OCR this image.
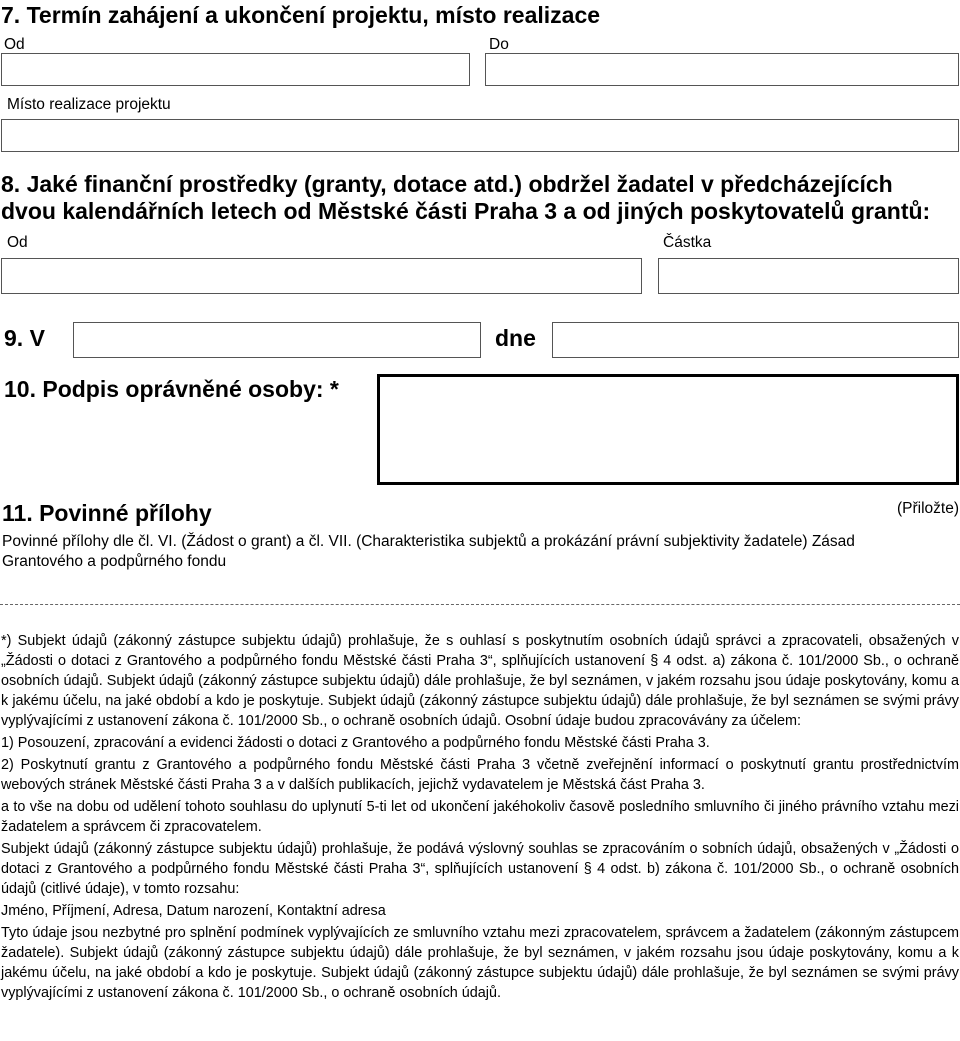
7. Termín zahájení a ukončení projektu, místo realizace
Od	Do
Místo realizace projektu
8. Jaké finanční prostředky (granty, dotace atd.) obdržel žadatel v předcházejících
dvou kalendářních letech od Městské části Praha 3 a od jiných poskytovatelů grantů:
Od	Částka
9. V	dne
10. Podpis oprávněné osoby: *
11. Povinné přílohy	(Přiložte)
Povinné přílohy dle čl. VI. (Žádost o grant) a čl. VII. (Charakteristika subjektů a prokázání právní subjektivity žadatele) Zásad
Grantového a podpůrného fondu

*) Subjekt údajů (zákonný zástupce subjektu údajů) prohlašuje, že s ouhlasí s poskytnutím osobních údajů správci a zpracovateli, obsažených v „Žádosti o dotaci z Grantového a podpůrného fondu Městské části Praha 3“, splňujících ustanovení § 4 odst. a) zákona č. 101/2000 Sb., o ochraně osobních údajů. Subjekt údajů (zákonný zástupce subjektu údajů) dále prohlašuje, že byl seznámen, v jakém rozsahu jsou údaje poskytovány, komu a k jakému účelu, na jaké období a kdo je poskytuje. Subjekt údajů (zákonný zástupce subjektu údajů) dále prohlašuje, že byl seznámen se svými právy vyplývajícími z ustanovení zákona č. 101/2000 Sb., o ochraně osobních údajů. Osobní údaje budou zpracovávány za účelem:

1) Posouzení, zpracování a evidenci žádosti o dotaci z Grantového a podpůrného fondu Městské části Praha 3.

2) Poskytnutí grantu z Grantového a podpůrného fondu Městské části Praha 3 včetně zveřejnění informací o poskytnutí grantu prostřednictvím webových stránek Městské části Praha 3 a v dalších publikacích, jejichž vydavatelem je Městská část Praha 3.

a to vše na dobu od udělení tohoto souhlasu do uplynutí 5-ti let od ukončení jakéhokoliv časově posledního smluvního či jiného právního vztahu mezi žadatelem a správcem či zpracovatelem.

Subjekt údajů (zákonný zástupce subjektu údajů) prohlašuje, že podává výslovný souhlas se zpracováním o sobních údajů, obsažených v „Žádosti o dotaci z Grantového a podpůrného fondu Městské části Praha 3“, splňujících ustanovení § 4 odst. b) zákona č. 101/2000 Sb., o ochraně osobních údajů (citlivé údaje), v tomto rozsahu:

Jméno, Příjmení, Adresa, Datum narození, Kontaktní adresa

Tyto údaje jsou nezbytné pro splnění podmínek vyplývajících ze smluvního vztahu mezi zpracovatelem, správcem a žadatelem (zákonným zástupcem žadatele). Subjekt údajů (zákonný zástupce subjektu údajů) dále prohlašuje, že byl seznámen, v jakém rozsahu jsou údaje poskytovány, komu a k jakému účelu, na jaké období a kdo je poskytuje. Subjekt údajů (zákonný zástupce subjektu údajů) dále prohlašuje, že byl seznámen se svými právy vyplývajícími z ustanovení zákona č. 101/2000 Sb., o ochraně osobních údajů.
